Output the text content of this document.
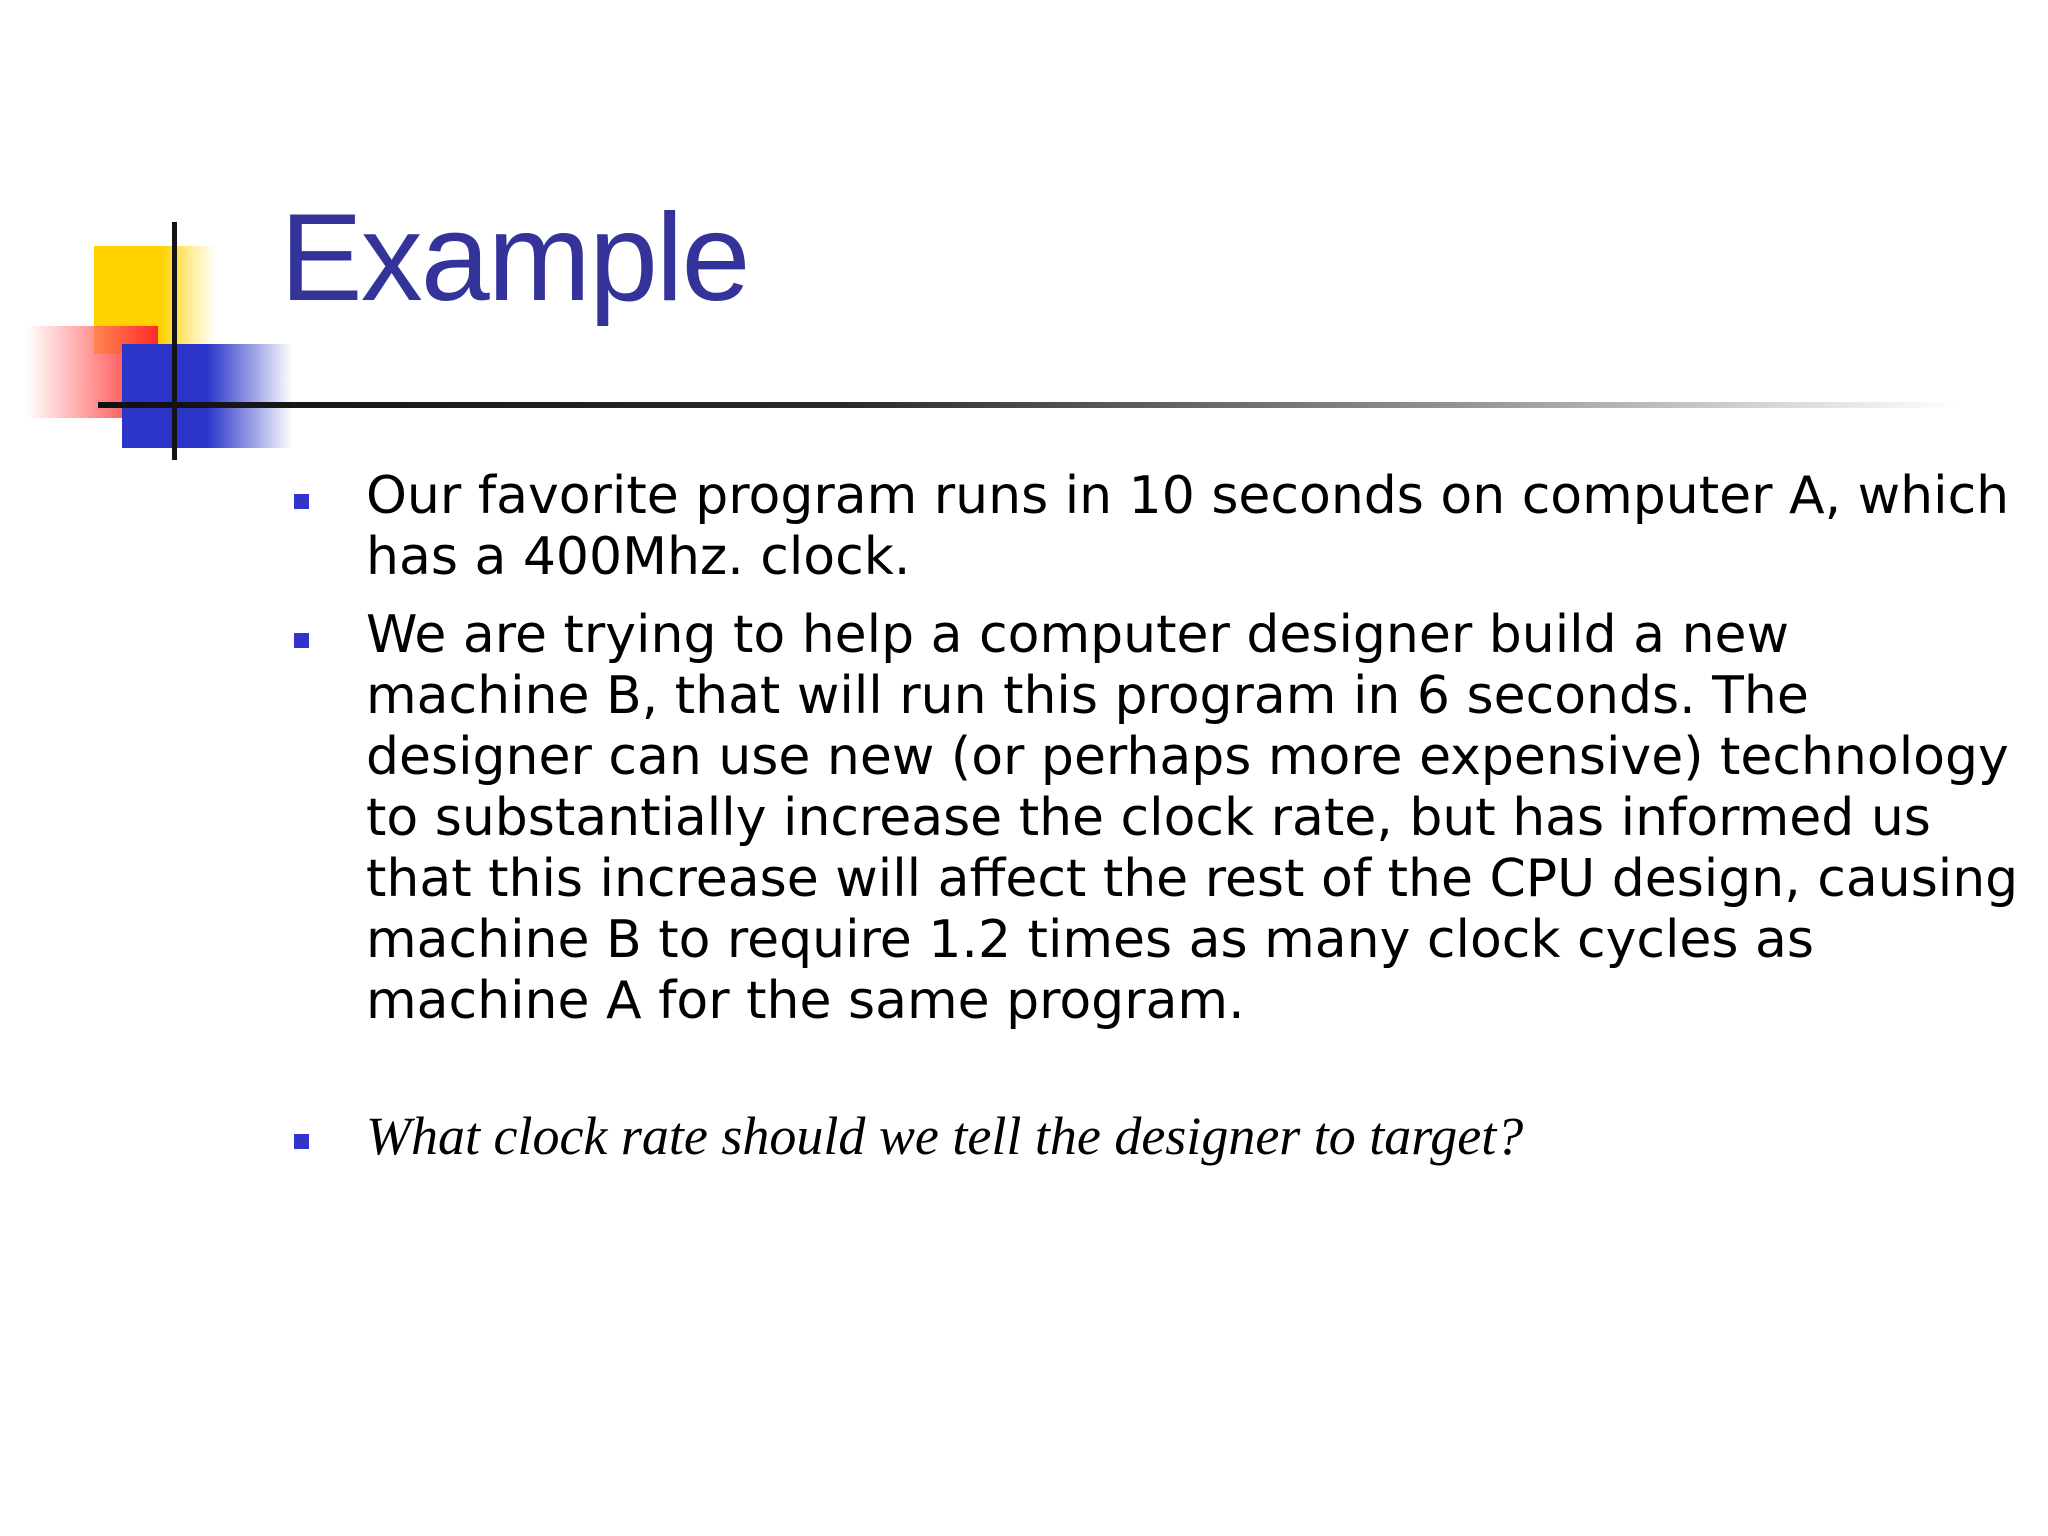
Example
Our favorite program runs in 10 seconds on computer A, which has a 400Mhz. clock.
We are trying to help a computer designer build a new machine B, that will run this program in 6 seconds. The designer can use new (or perhaps more expensive) technology to substantially increase the clock rate, but has informed us that this increase will affect the rest of the CPU design, causing machine B to require 1.2 times as many clock cycles as machine A for the same program.
What clock rate should we tell the designer to target?
